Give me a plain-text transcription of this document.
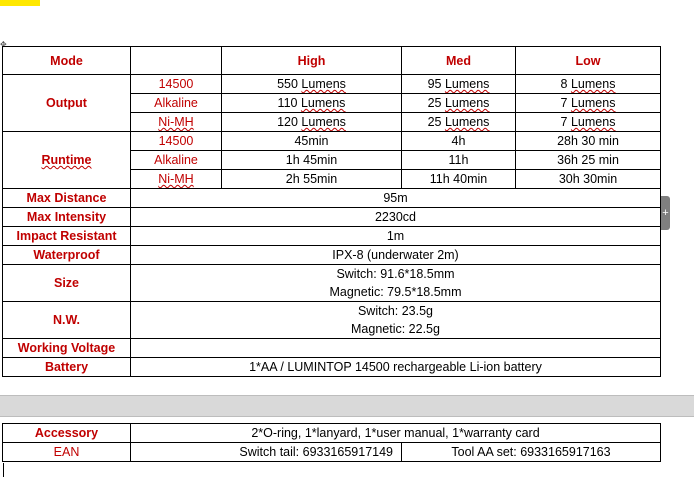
✥
Mode		High	Med	Low
Output	14500	550 Lumens	95 Lumens	8 Lumens
	Alkaline	110 Lumens	25 Lumens	7 Lumens
	Ni-MH	120 Lumens	25 Lumens	7 Lumens
Runtime	14500	45min	4h	28h 30 min
	Alkaline	1h 45min	11h	36h 25 min
	Ni-MH	2h 55min	11h 40min	30h 30min
Max Distance	95m			
Max Intensity	2230cd			
Impact Resistant	1m			
Waterproof	IPX-8 (underwater 2m)			
Size	Switch: 91.6*18.5mm
Magnetic: 79.5*18.5mm			

N.W.	Switch: 23.5g
Magnetic: 22.5g			

Working Voltage				
Battery	1*AA / LUMINTOP 14500 rechargeable Li-ion battery			
+
Accessory	2*O-ring, 1*lanyard, 1*user manual, 1*warranty card	
EAN	Switch tail: 6933165917149	Tool AA set: 6933165917163
